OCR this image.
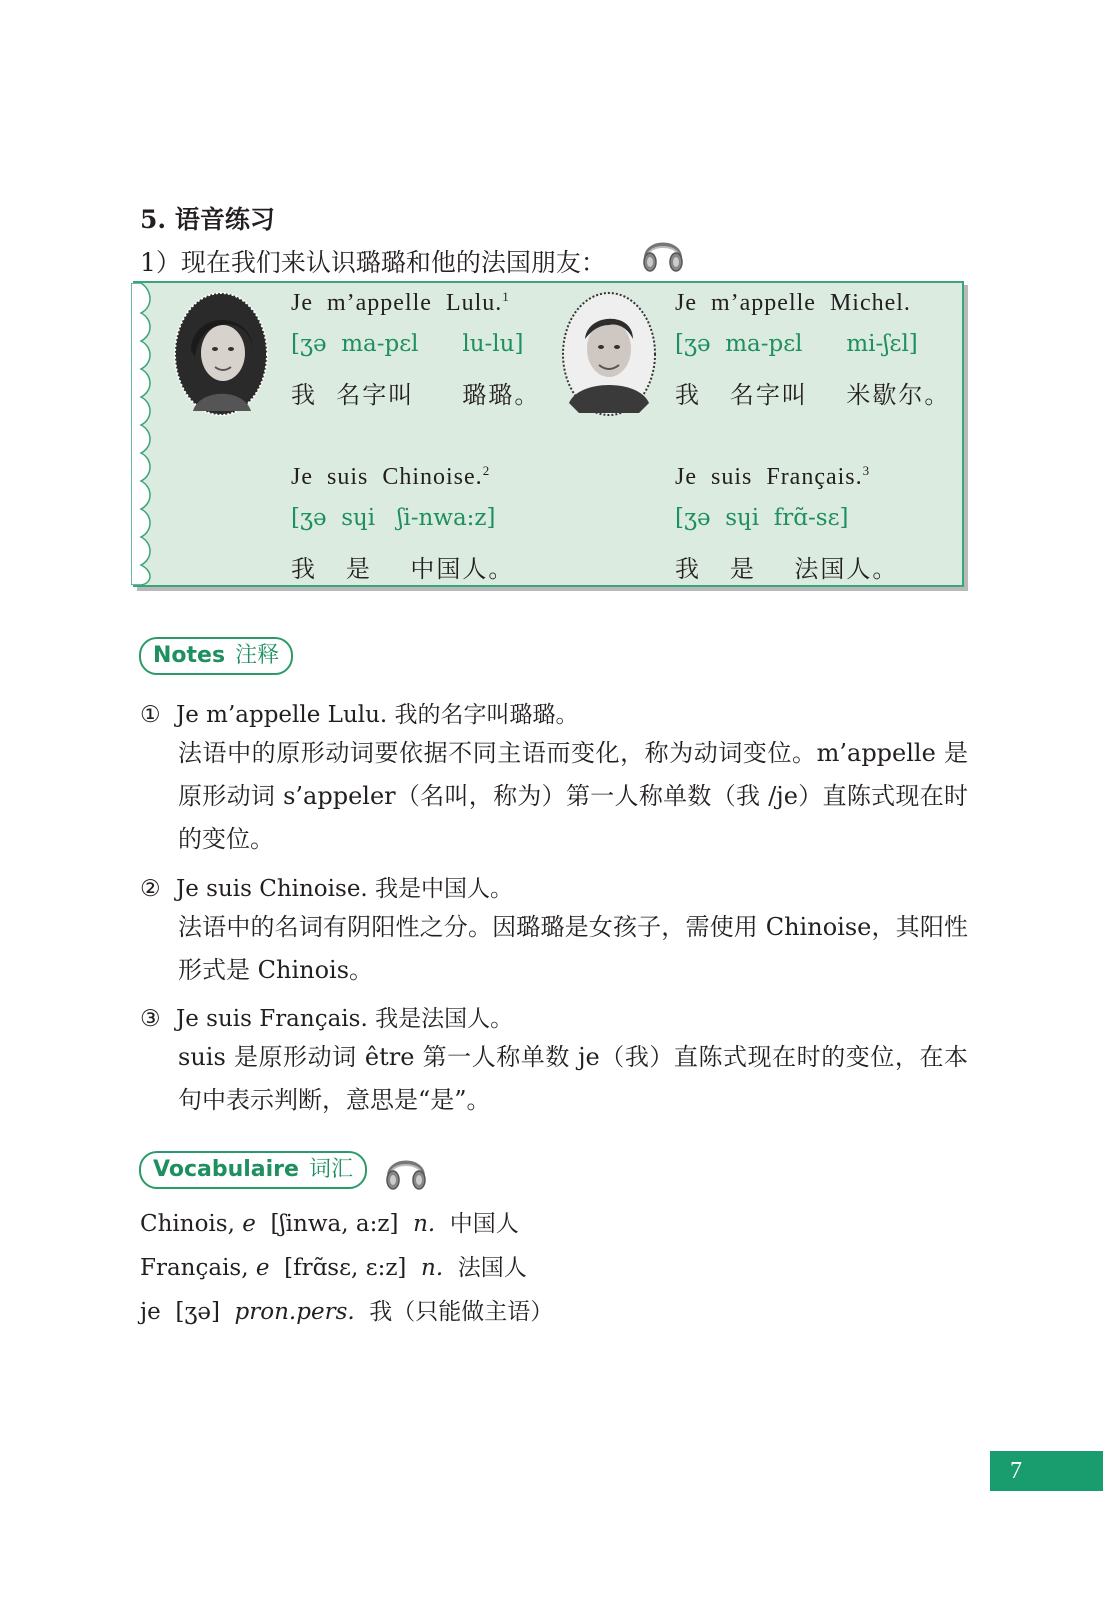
5. 语音练习
1）现在我们来认识璐璐和他的法国朋友：
Je  m’appelle  Lulu.$^1$
[ʒə  ma-pɛl      lu-lu]
我  名字叫     璐璐。
Je  suis  Chinoise.$^2$
[ʒə  sɥi   ʃi-nwa:z]
我   是    中国人。
Je  m’appelle  Michel.
[ʒə  ma-pɛl      mi-ʃɛl]
我   名字叫    米歇尔。
Je  suis  Français.$^3$
[ʒə  sɥi  frɑ̃-sɛ]
我   是    法国人。
Notes 注释
① Je m’appelle Lulu. 我的名字叫璐璐。
法语中的原形动词要依据不同主语而变化，称为动词变位。m’appelle 是原形动词 s’appeler（名叫，称为）第一人称单数（我 /je）直陈式现在时的变位。
② Je suis Chinoise. 我是中国人。
法语中的名词有阴阳性之分。因璐璐是女孩子，需使用 Chinoise，其阳性形式是 Chinois。
③ Je suis Français. 我是法国人。
suis 是原形动词 être 第一人称单数 je（我）直陈式现在时的变位，在本句中表示判断，意思是“是”。
Vocabulaire 词汇
Chinois, e  [ʃinwa, a:z]  n.  中国人
Français, e  [frɑ̃sɛ, ɛ:z]  n.  法国人
je  [ʒə]  pron.pers.  我（只能做主语）
7
